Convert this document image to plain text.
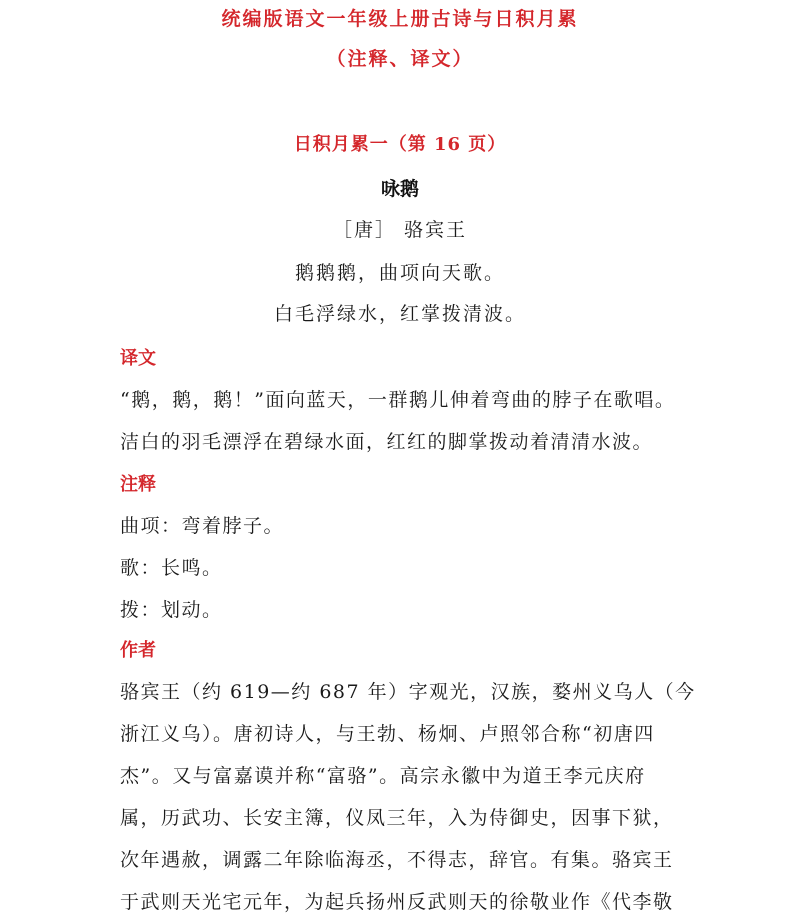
统编版语文一年级上册古诗与日积月累
（注释、译文）
日积月累一（第 16 页）
咏鹅
［唐］ 骆宾王
鹅鹅鹅，曲项向天歌。
白毛浮绿水，红掌拨清波。
译文
“鹅，鹅，鹅！”面向蓝天，一群鹅儿伸着弯曲的脖子在歌唱。
洁白的羽毛漂浮在碧绿水面，红红的脚掌拨动着清清水波。
注释
曲项：弯着脖子。
歌：长鸣。
拨：划动。
作者
骆宾王（约 619—约 687 年）字观光，汉族，婺州义乌人（今
浙江义乌）。唐初诗人，与王勃、杨炯、卢照邻合称“初唐四
杰”。又与富嘉谟并称“富骆”。高宗永徽中为道王李元庆府
属，历武功、长安主簿，仪凤三年，入为侍御史，因事下狱，
次年遇赦，调露二年除临海丞，不得志，辞官。有集。骆宾王
于武则天光宅元年，为起兵扬州反武则天的徐敬业作《代李敬
